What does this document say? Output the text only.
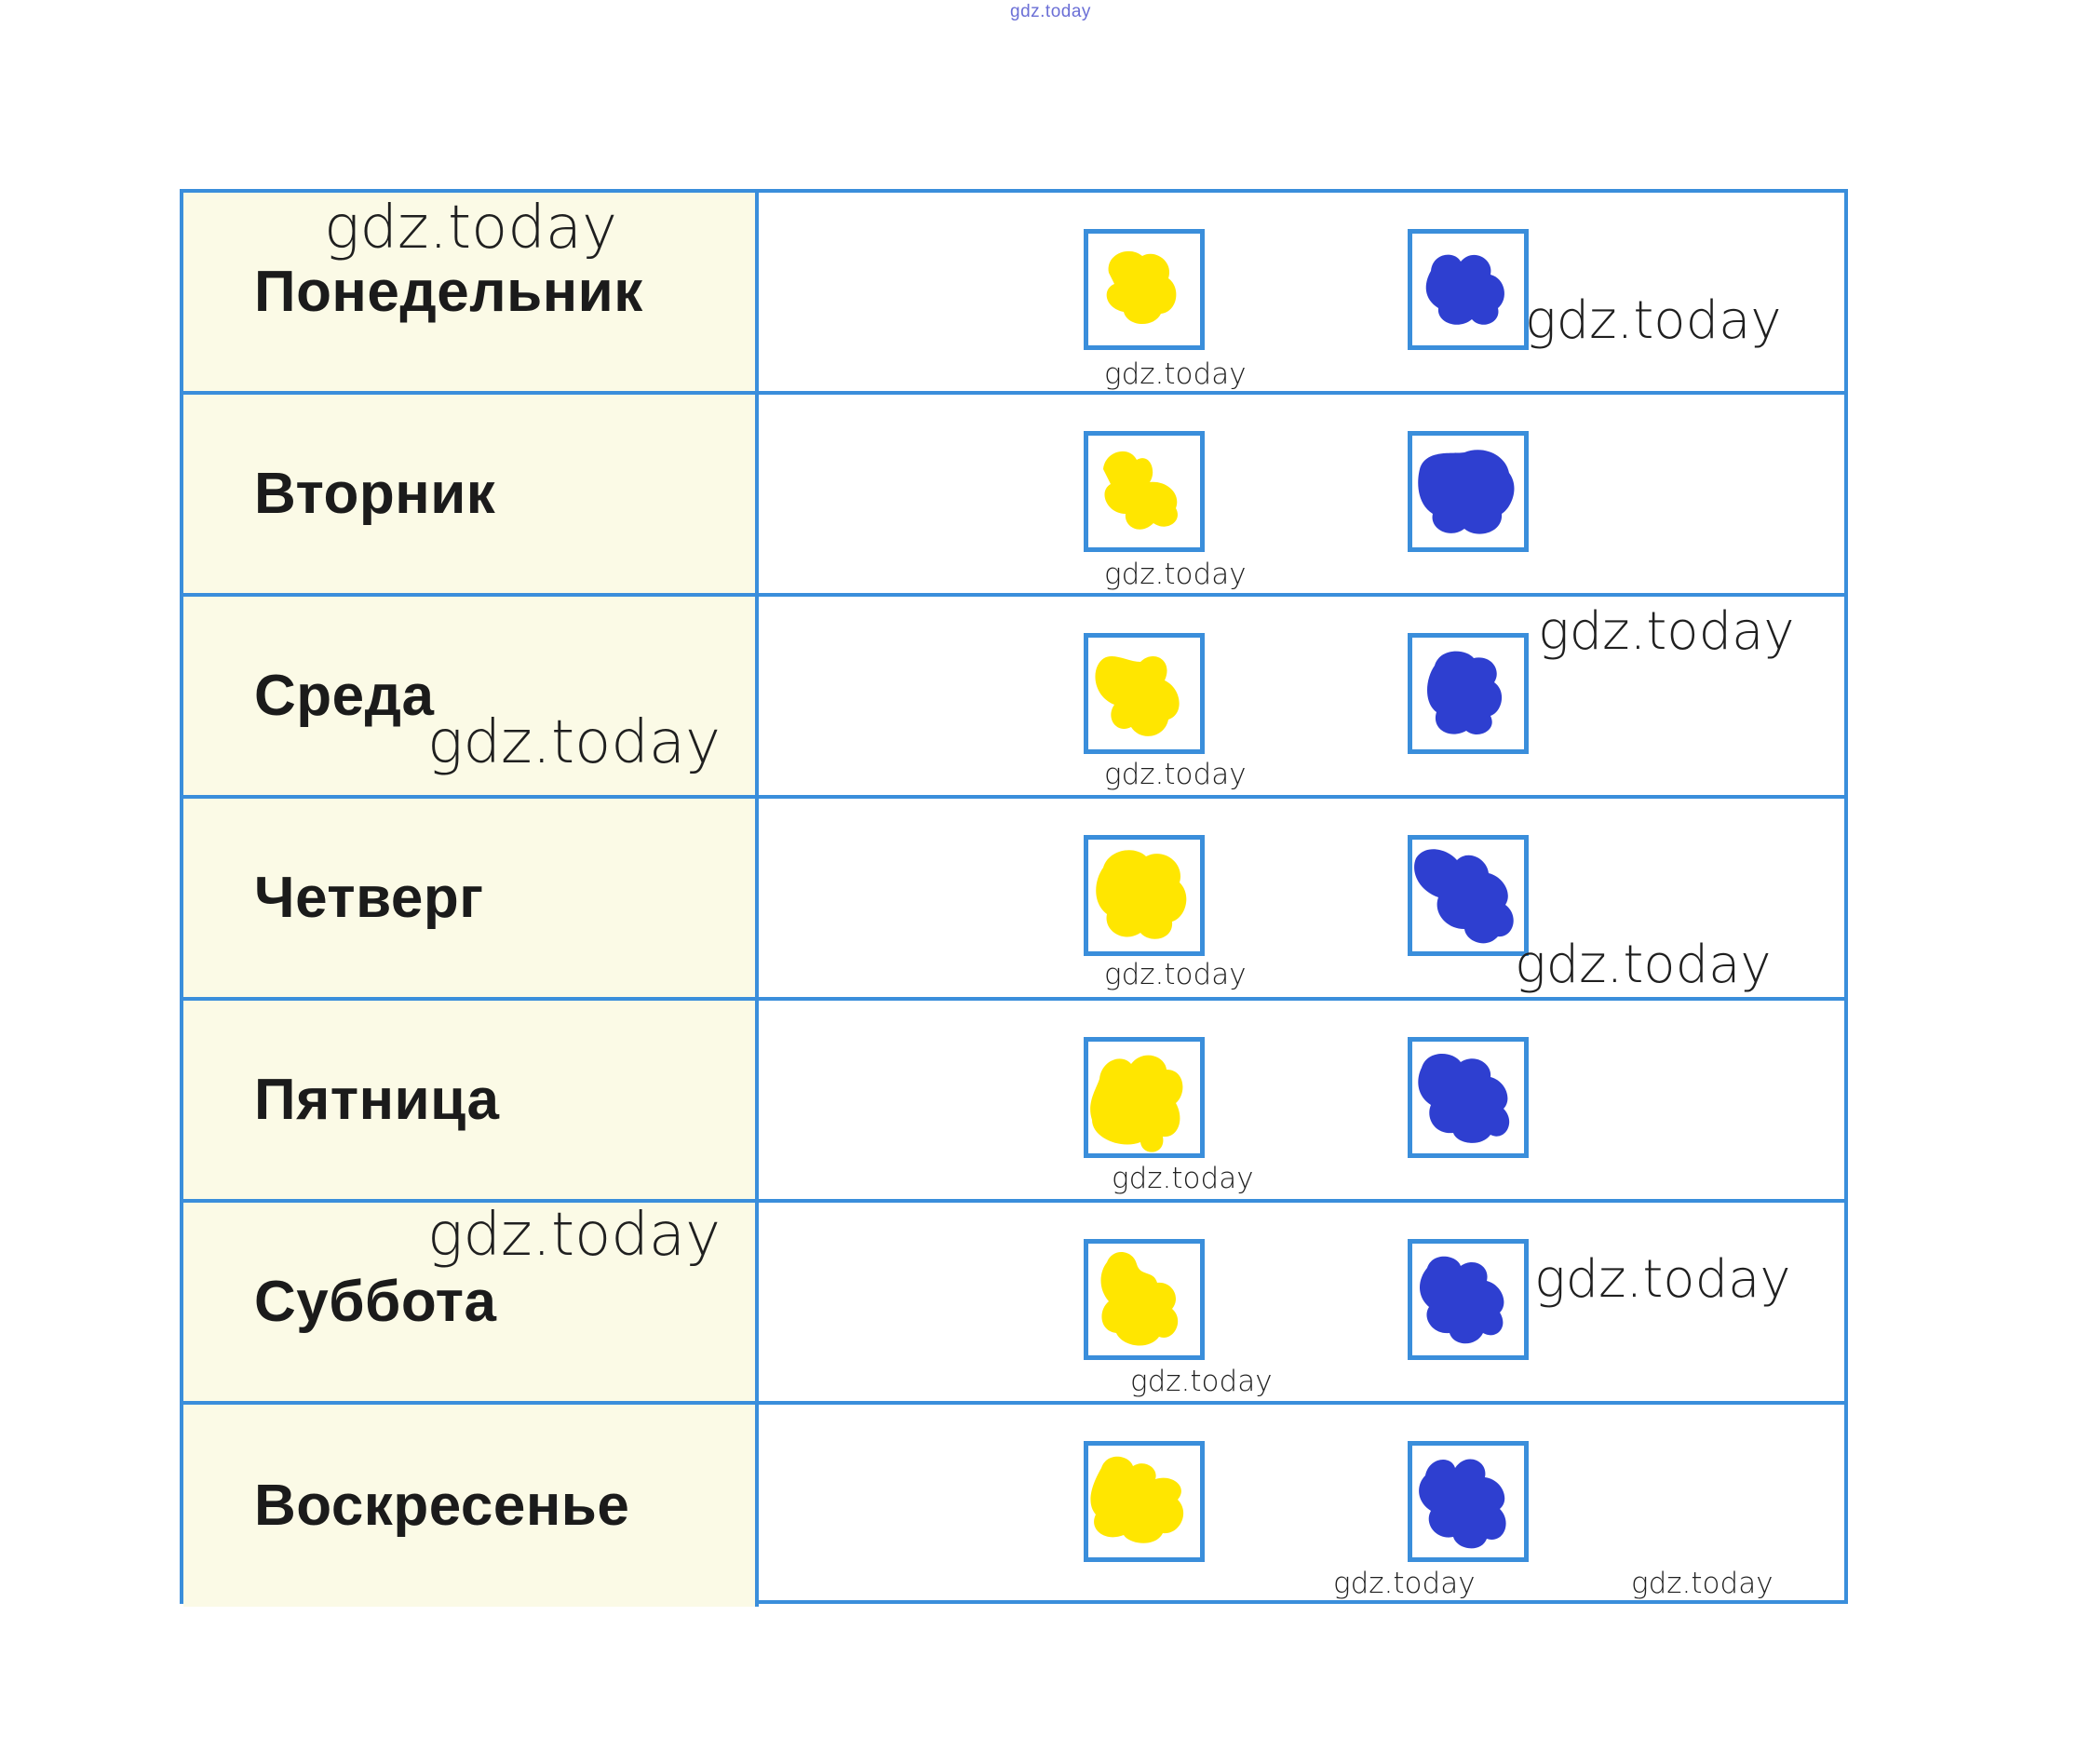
gdz.today
Понедельник
Вторник
Среда
Четверг
Пятница
Суббота
Воскресенье
gdz.today
gdz.today
gdz.today
gdz.today
gdz.today
gdz.today	gdz.today
gdz.today
gdz.today
gdz.today
gdz.today
gdz.today
gdz.today
gdz.today	gdz.today
